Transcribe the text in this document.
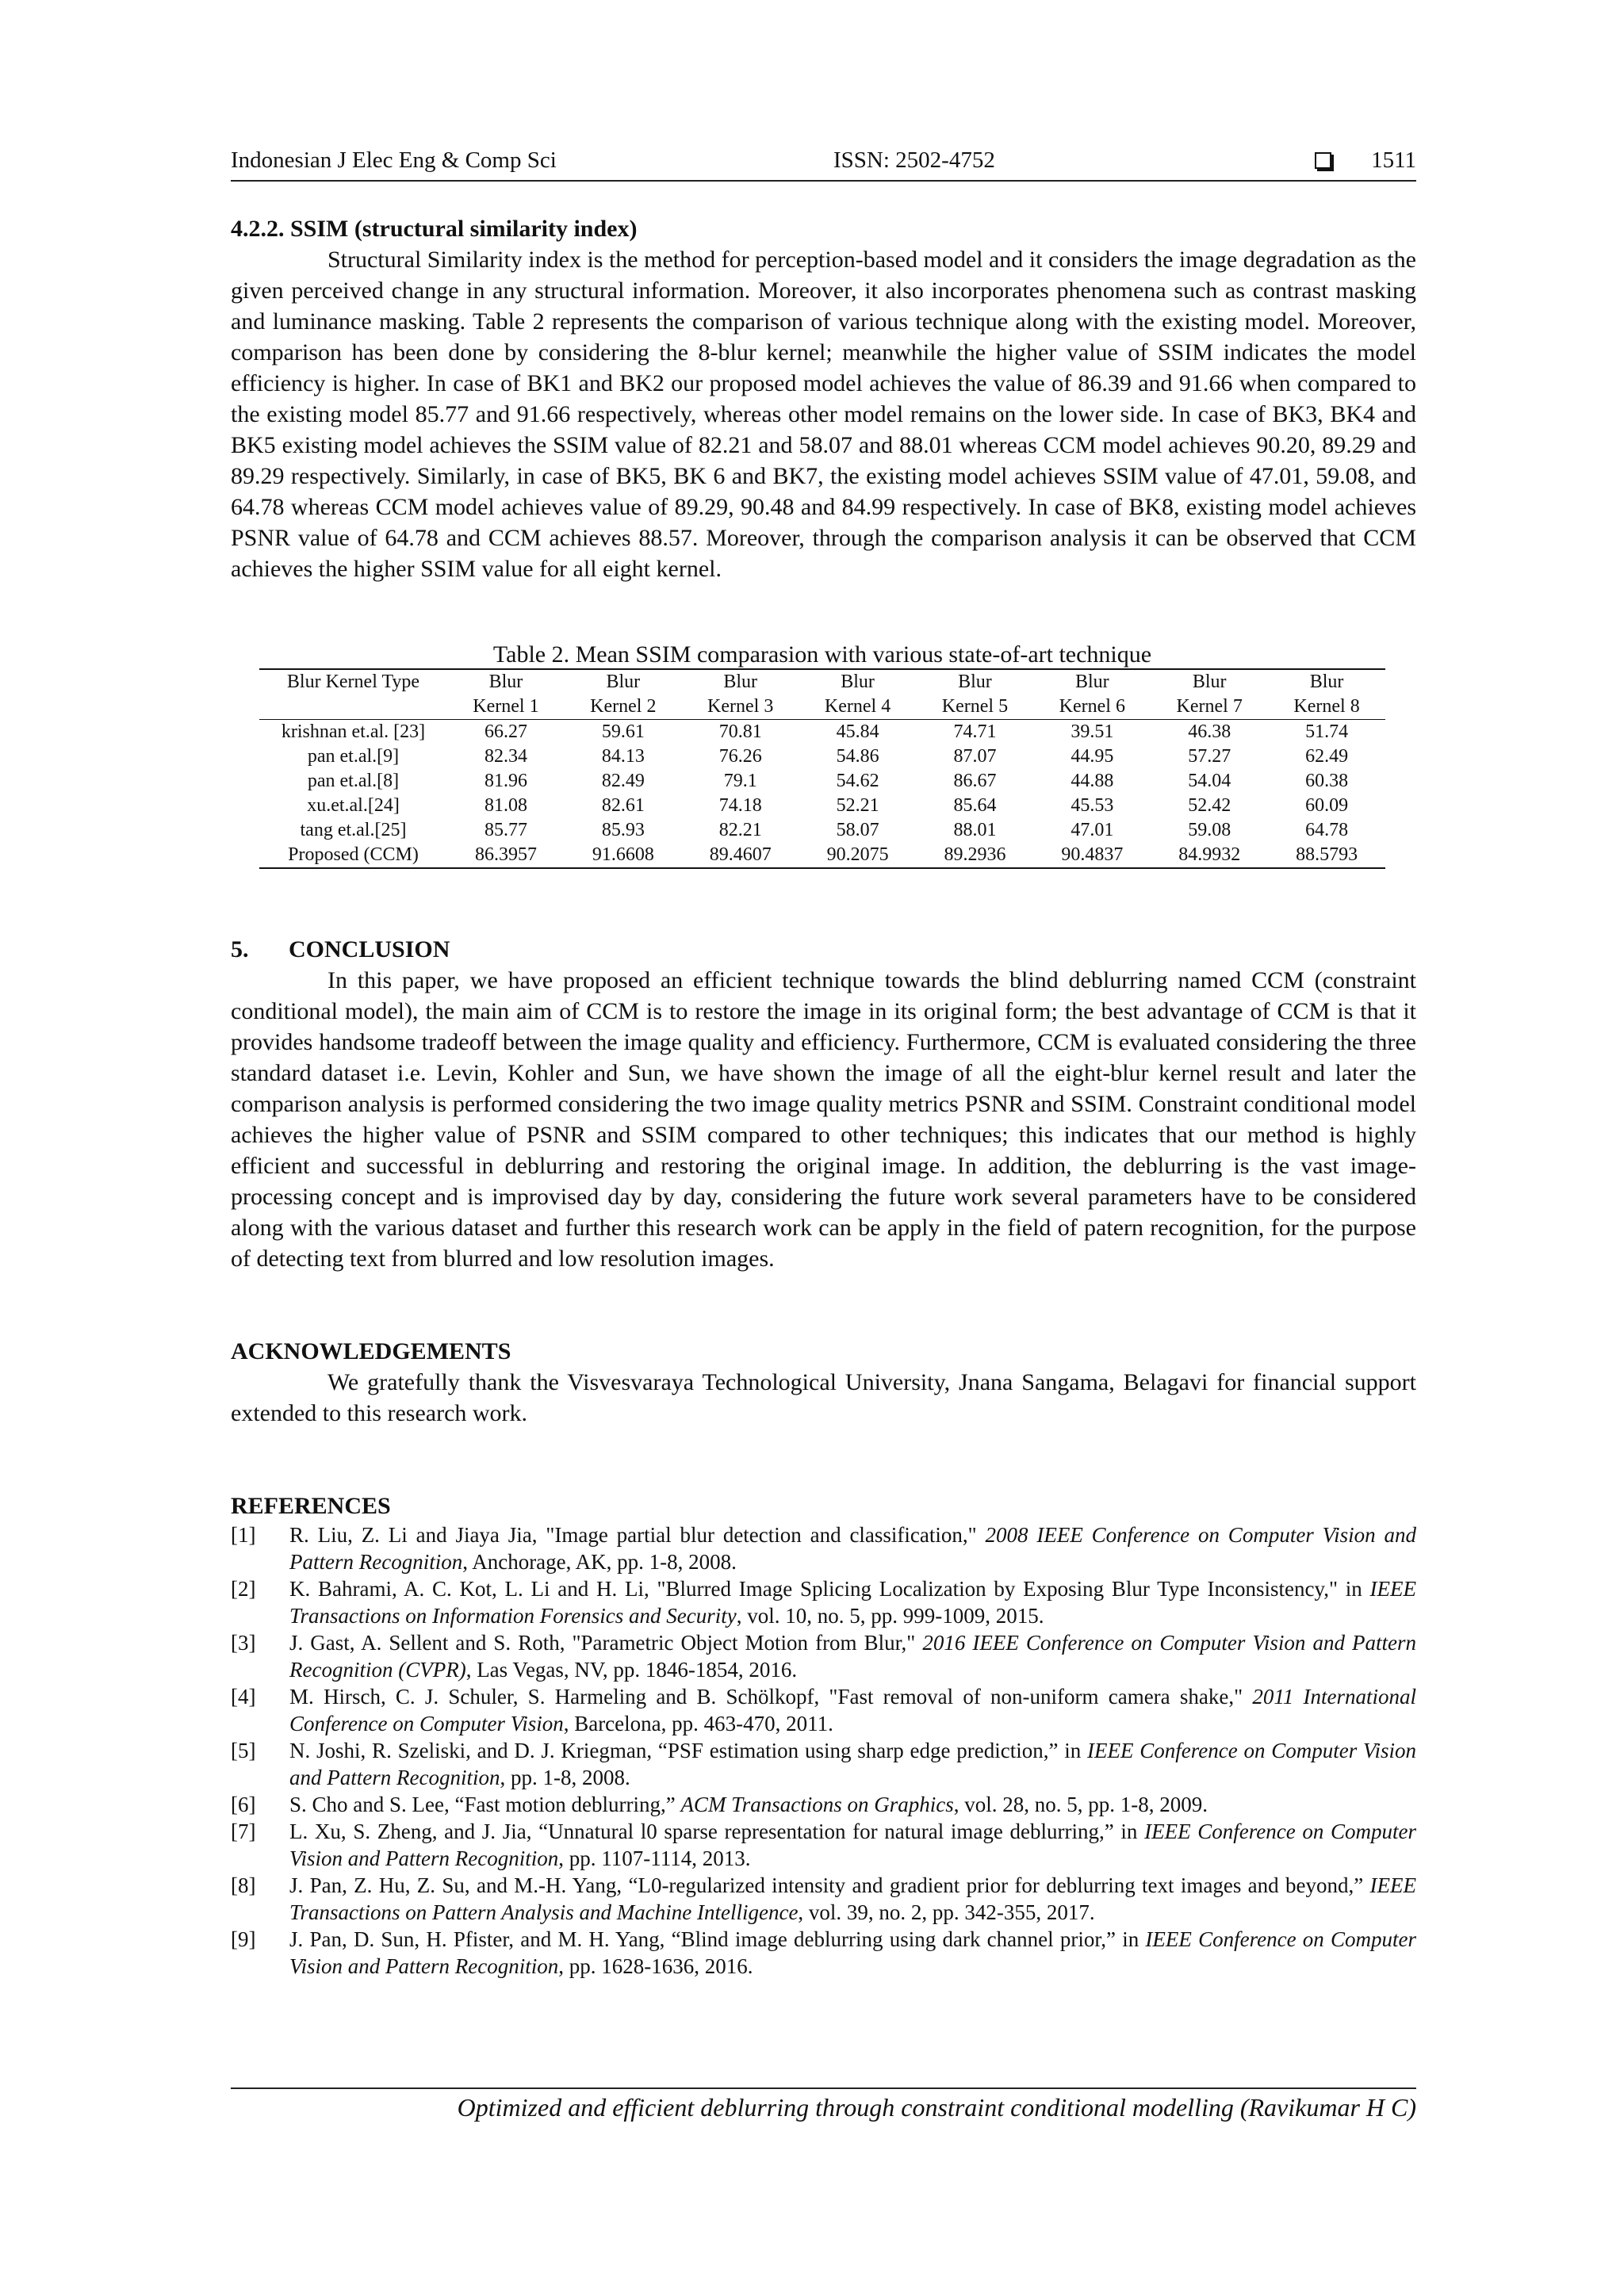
Indonesian J Elec Eng & Comp Sci	ISSN: 2502-4752	1511

4.2.2. SSIM (structural similarity index)

Structural Similarity index is the method for perception-based model and it considers the image degradation as the given perceived change in any structural information. Moreover, it also incorporates phenomena such as contrast masking and luminance masking. Table 2 represents the comparison of various technique along with the existing model. Moreover, comparison has been done by considering the 8-blur kernel; meanwhile the higher value of SSIM indicates the model efficiency is higher. In case of BK1 and BK2 our proposed model achieves the value of 86.39 and 91.66 when compared to the existing model 85.77 and 91.66 respectively, whereas other model remains on the lower side. In case of BK3, BK4 and BK5 existing model achieves the SSIM value of 82.21 and 58.07 and 88.01 whereas CCM model achieves 90.20, 89.29 and 89.29 respectively. Similarly, in case of BK5, BK 6 and BK7, the existing model achieves SSIM value of 47.01, 59.08, and 64.78 whereas CCM model achieves value of 89.29, 90.48 and 84.99 respectively. In case of BK8, existing model achieves PSNR value of 64.78 and CCM achieves 88.57. Moreover, through the comparison analysis it can be observed that CCM achieves the higher SSIM value for all eight kernel.

Table 2. Mean SSIM comparasion with various state-of-art technique

Blur Kernel Type	Blur	Blur	Blur	Blur	Blur	Blur	Blur	Blur
	Kernel 1	Kernel 2	Kernel 3	Kernel 4	Kernel 5	Kernel 6	Kernel 7	Kernel 8
krishnan et.al. [23]	66.27	59.61	70.81	45.84	74.71	39.51	46.38	51.74
pan et.al.[9]	82.34	84.13	76.26	54.86	87.07	44.95	57.27	62.49
pan et.al.[8]	81.96	82.49	79.1	54.62	86.67	44.88	54.04	60.38
xu.et.al.[24]	81.08	82.61	74.18	52.21	85.64	45.53	52.42	60.09
tang et.al.[25]	85.77	85.93	82.21	58.07	88.01	47.01	59.08	64.78
Proposed (CCM)	86.3957	91.6608	89.4607	90.2075	89.2936	90.4837	84.9932	88.5793

5. CONCLUSION

In this paper, we have proposed an efficient technique towards the blind deblurring named CCM (constraint conditional model), the main aim of CCM is to restore the image in its original form; the best advantage of CCM is that it provides handsome tradeoff between the image quality and efficiency. Furthermore, CCM is evaluated considering the three standard dataset i.e. Levin, Kohler and Sun, we have shown the image of all the eight-blur kernel result and later the comparison analysis is performed considering the two image quality metrics PSNR and SSIM. Constraint conditional model achieves the higher value of PSNR and SSIM compared to other techniques; this indicates that our method is highly efficient and successful in deblurring and restoring the original image. In addition, the deblurring is the vast image-processing concept and is improvised day by day, considering the future work several parameters have to be considered along with the various dataset and further this research work can be apply in the field of patern recognition, for the purpose of detecting text from blurred and low resolution images.

ACKNOWLEDGEMENTS

We gratefully thank the Visvesvaraya Technological University, Jnana Sangama, Belagavi for financial support extended to this research work.

REFERENCES

[1]	R. Liu, Z. Li and Jiaya Jia, "Image partial blur detection and classification," 2008 IEEE Conference on Computer Vision and Pattern Recognition, Anchorage, AK, pp. 1-8, 2008.
[2]	K. Bahrami, A. C. Kot, L. Li and H. Li, "Blurred Image Splicing Localization by Exposing Blur Type Inconsistency," in IEEE Transactions on Information Forensics and Security, vol. 10, no. 5, pp. 999-1009, 2015.
[3]	J. Gast, A. Sellent and S. Roth, "Parametric Object Motion from Blur," 2016 IEEE Conference on Computer Vision and Pattern Recognition (CVPR), Las Vegas, NV, pp. 1846-1854, 2016.
[4]	M. Hirsch, C. J. Schuler, S. Harmeling and B. Schölkopf, "Fast removal of non-uniform camera shake," 2011 International Conference on Computer Vision, Barcelona, pp. 463-470, 2011.
[5]	N. Joshi, R. Szeliski, and D. J. Kriegman, “PSF estimation using sharp edge prediction,” in IEEE Conference on Computer Vision and Pattern Recognition, pp. 1-8, 2008.
[6]	S. Cho and S. Lee, “Fast motion deblurring,” ACM Transactions on Graphics, vol. 28, no. 5, pp. 1-8, 2009.
[7]	L. Xu, S. Zheng, and J. Jia, “Unnatural l0 sparse representation for natural image deblurring,” in IEEE Conference on Computer Vision and Pattern Recognition, pp. 1107-1114, 2013.
[8]	J. Pan, Z. Hu, Z. Su, and M.-H. Yang, “L0-regularized intensity and gradient prior for deblurring text images and beyond,” IEEE Transactions on Pattern Analysis and Machine Intelligence, vol. 39, no. 2, pp. 342-355, 2017.
[9]	J. Pan, D. Sun, H. Pfister, and M. H. Yang, “Blind image deblurring using dark channel prior,” in IEEE Conference on Computer Vision and Pattern Recognition, pp. 1628-1636, 2016.
Optimized and efficient deblurring through constraint conditional modelling (Ravikumar H C)
